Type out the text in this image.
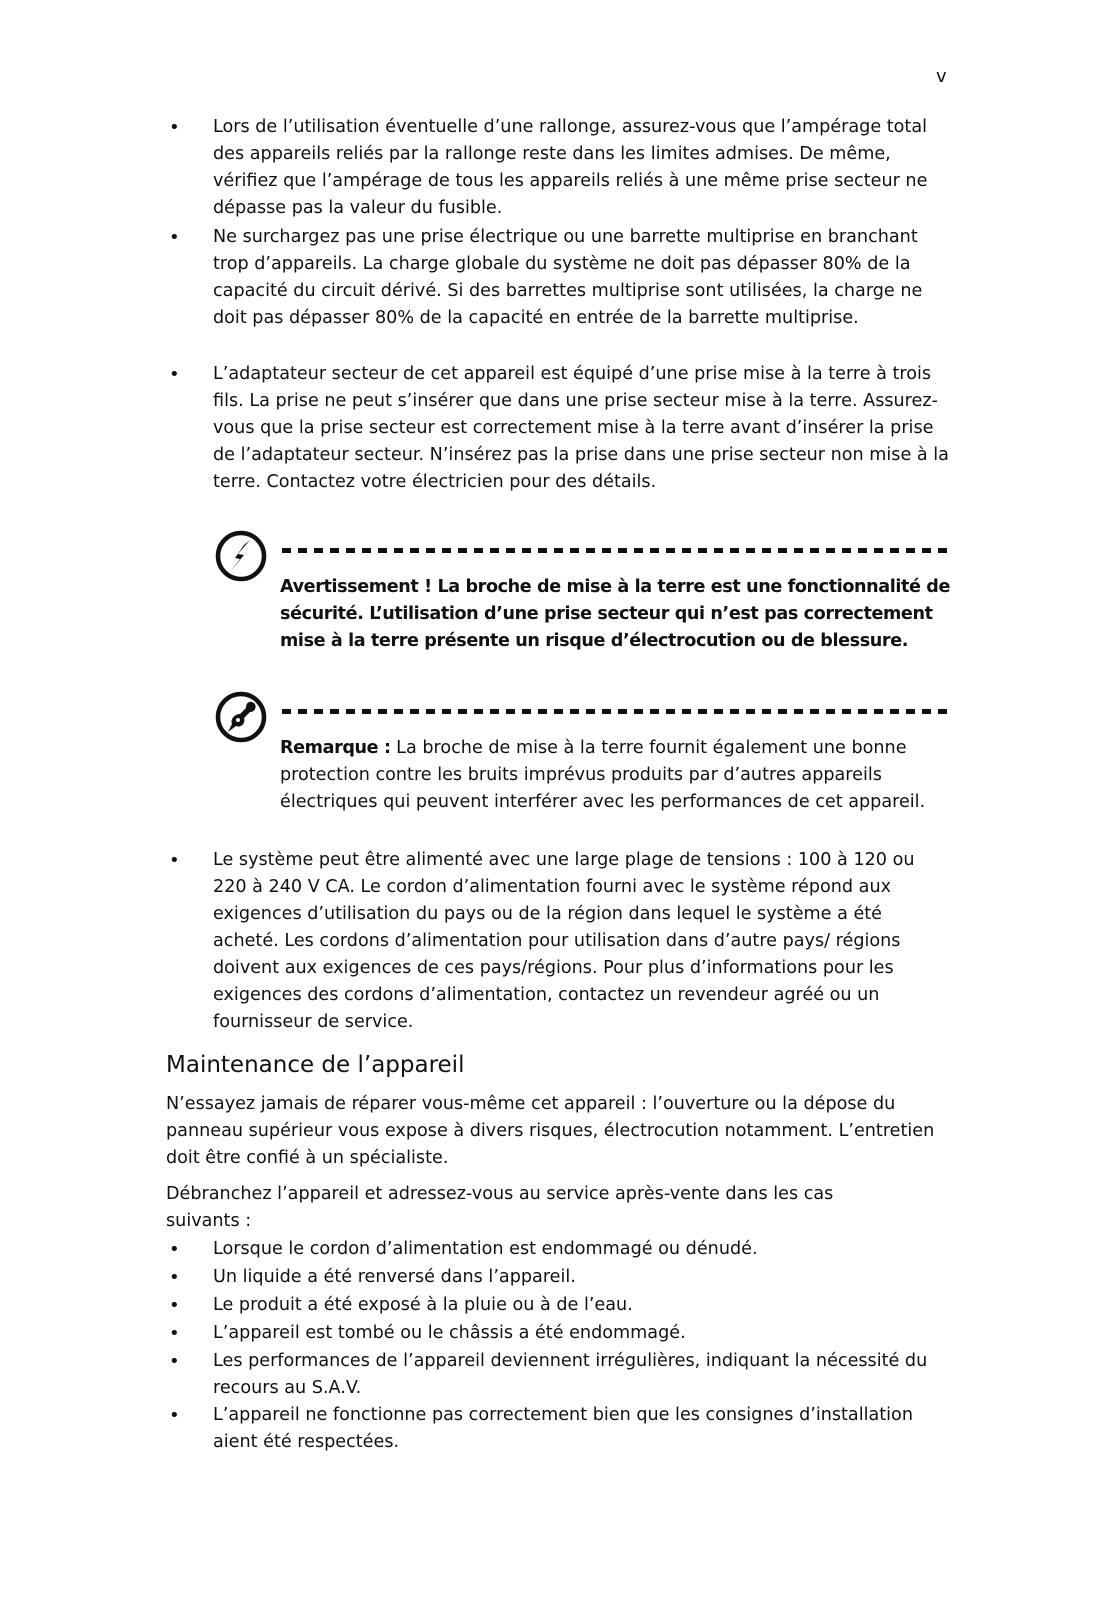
v
• Lors de l’utilisation éventuelle d’une rallonge, assurez-vous que l’ampérage total des appareils reliés par la rallonge reste dans les limites admises. De même, vérifiez que l’ampérage de tous les appareils reliés à une même prise secteur ne dépasse pas la valeur du fusible.
• Ne surchargez pas une prise électrique ou une barrette multiprise en branchant trop d’appareils. La charge globale du système ne doit pas dépasser 80% de la capacité du circuit dérivé. Si des barrettes multiprise sont utilisées, la charge ne doit pas dépasser 80% de la capacité en entrée de la barrette multiprise.
• L’adaptateur secteur de cet appareil est équipé d’une prise mise à la terre à trois fils. La prise ne peut s’insérer que dans une prise secteur mise à la terre. Assurez-vous que la prise secteur est correctement mise à la terre avant d’insérer la prise de l’adaptateur secteur. N’insérez pas la prise dans une prise secteur non mise à la terre. Contactez votre électricien pour des détails.
Avertissement ! La broche de mise à la terre est une fonctionnalité de sécurité. L’utilisation d’une prise secteur qui n’est pas correctement mise à la terre présente un risque d’électrocution ou de blessure.
Remarque : La broche de mise à la terre fournit également une bonne protection contre les bruits imprévus produits par d’autres appareils électriques qui peuvent interférer avec les performances de cet appareil.
• Le système peut être alimenté avec une large plage de tensions : 100 à 120 ou 220 à 240 V CA. Le cordon d’alimentation fourni avec le système répond aux exigences d’utilisation du pays ou de la région dans lequel le système a été acheté. Les cordons d’alimentation pour utilisation dans d’autre pays/ régions doivent aux exigences de ces pays/régions. Pour plus d’informations pour les exigences des cordons d’alimentation, contactez un revendeur agréé ou un fournisseur de service.
Maintenance de l’appareil
N’essayez jamais de réparer vous-même cet appareil : l’ouverture ou la dépose du panneau supérieur vous expose à divers risques, électrocution notamment. L’entretien doit être confié à un spécialiste.
Débranchez l’appareil et adressez-vous au service après-vente dans les cas suivants :
• Lorsque le cordon d’alimentation est endommagé ou dénudé.
• Un liquide a été renversé dans l’appareil.
• Le produit a été exposé à la pluie ou à de l’eau.
• L’appareil est tombé ou le châssis a été endommagé.
• Les performances de l’appareil deviennent irrégulières, indiquant la nécessité du recours au S.A.V.
• L’appareil ne fonctionne pas correctement bien que les consignes d’installation aient été respectées.
